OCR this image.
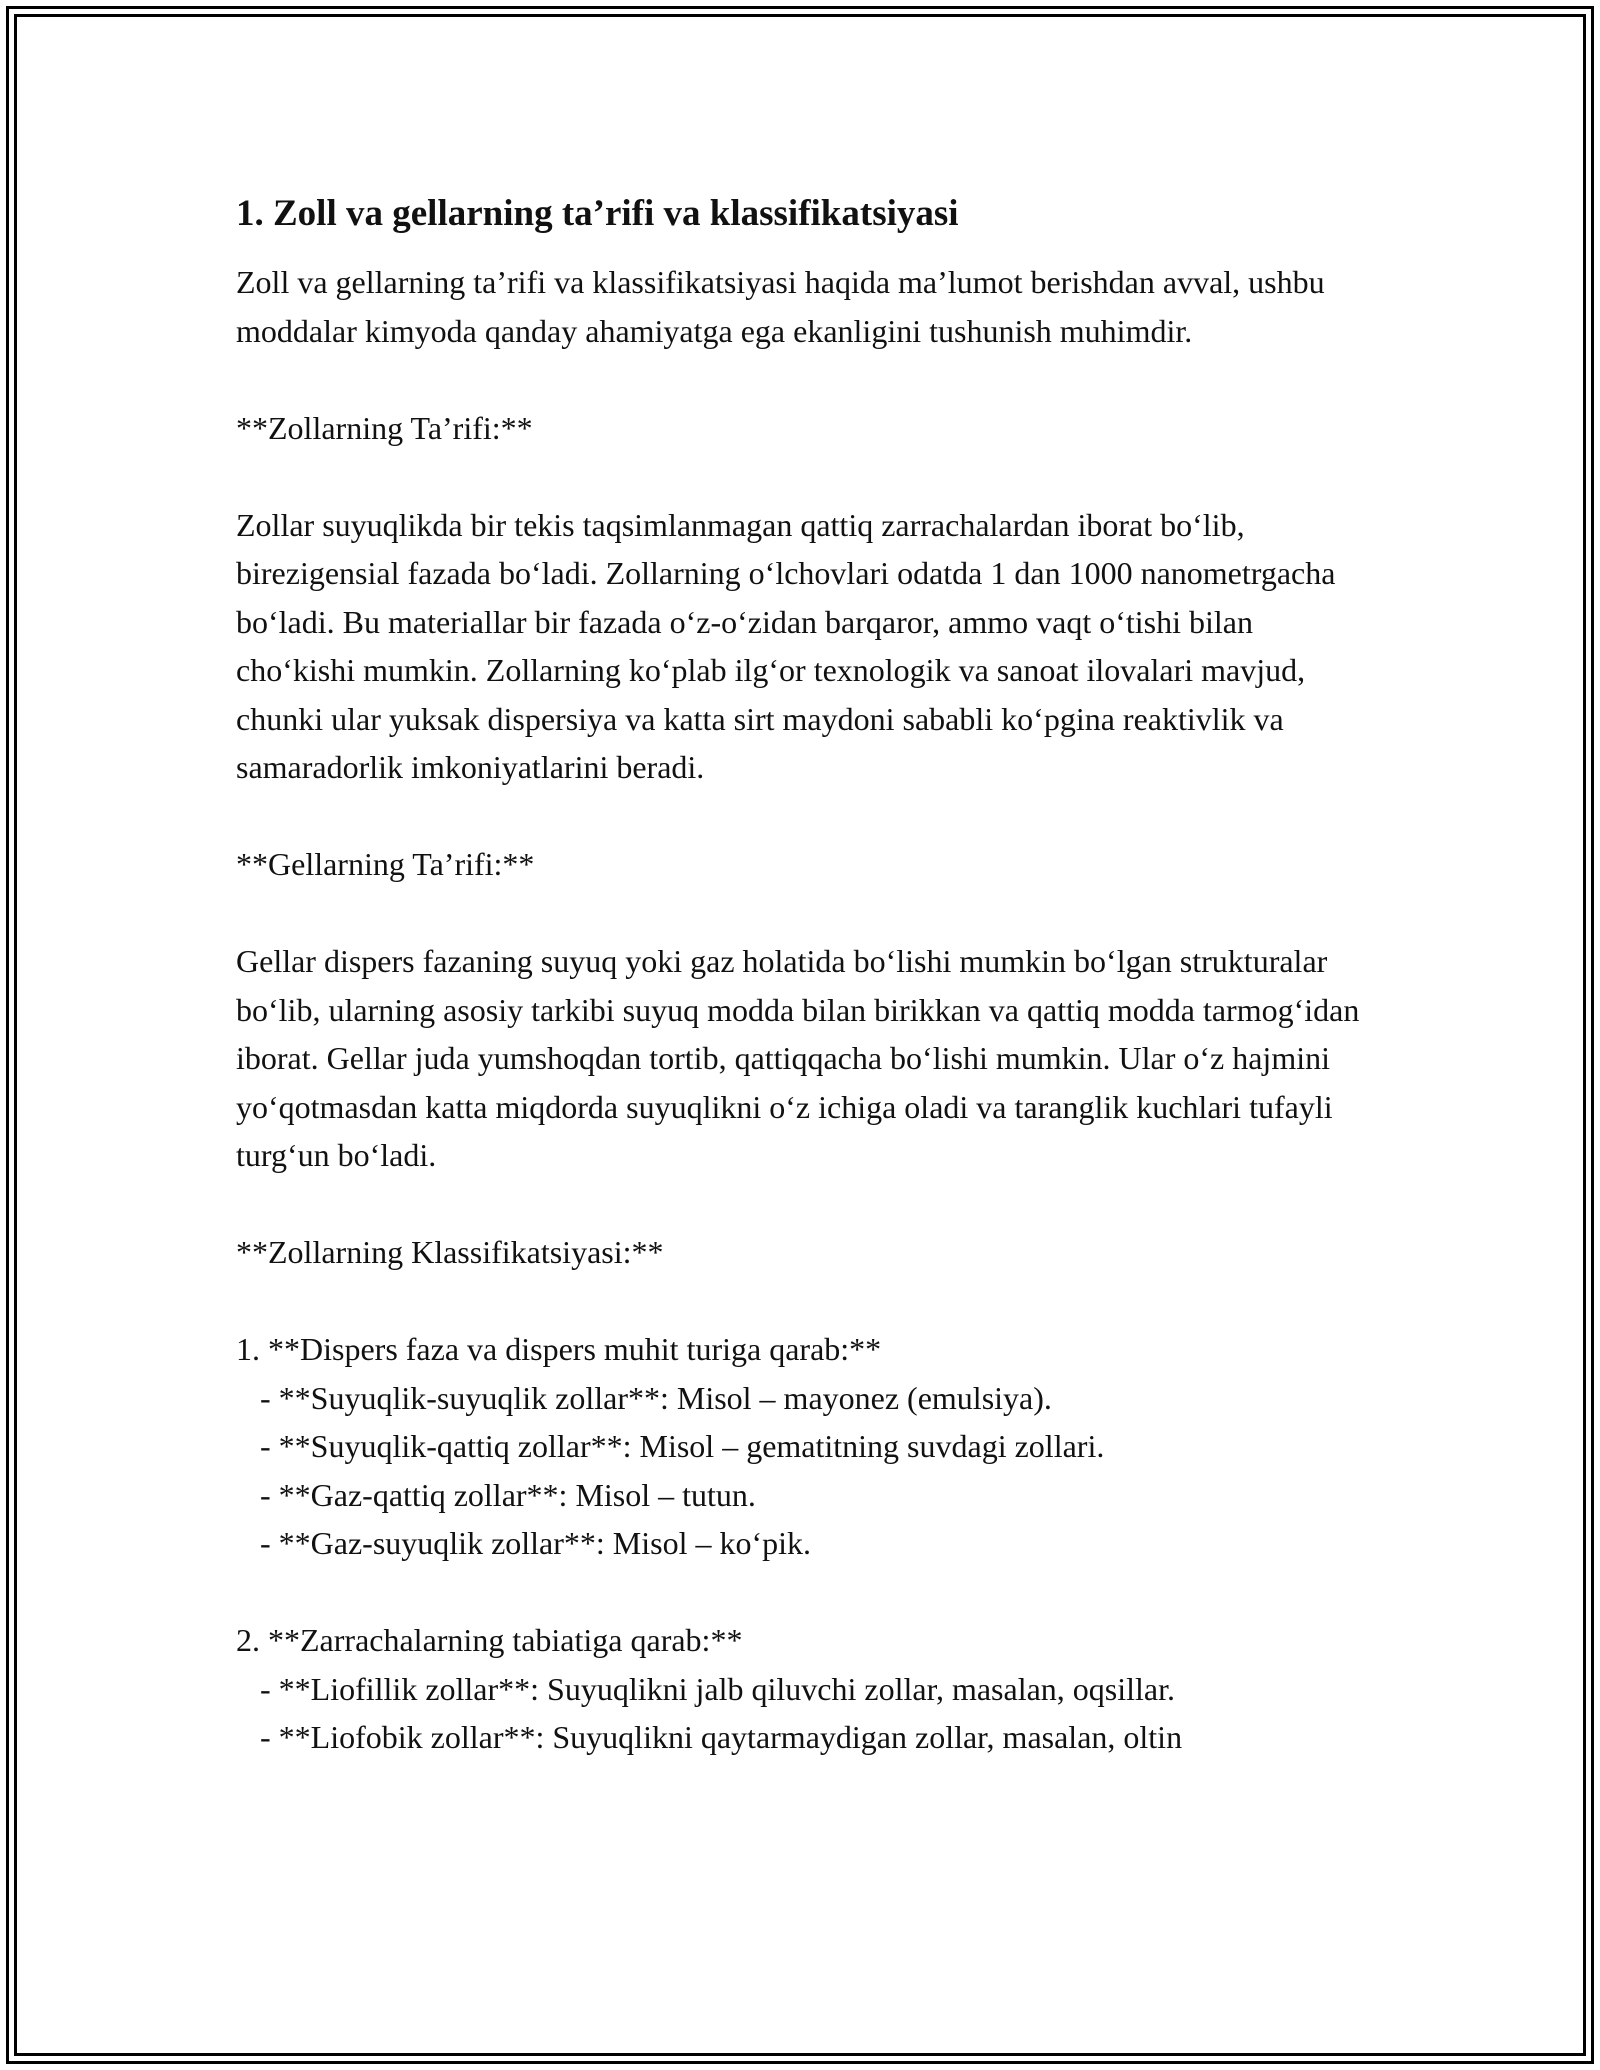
1. Zoll va gellarning ta’rifi va klassifikatsiyasi

Zoll va gellarning ta’rifi va klassifikatsiyasi haqida ma’lumot berishdan avval, ushbu moddalar kimyoda qanday ahamiyatga ega ekanligini tushunish muhimdir.

**Zollarning Ta’rifi:**

Zollar suyuqlikda bir tekis taqsimlanmagan qattiq zarrachalardan iborat bo‘lib, birezigensial fazada bo‘ladi. Zollarning o‘lchovlari odatda 1 dan 1000 nanometrgacha bo‘ladi. Bu materiallar bir fazada o‘z-o‘zidan barqaror, ammo vaqt o‘tishi bilan cho‘kishi mumkin. Zollarning ko‘plab ilg‘or texnologik va sanoat ilovalari mavjud, chunki ular yuksak dispersiya va katta sirt maydoni sababli ko‘pgina reaktivlik va samaradorlik imkoniyatlarini beradi.

**Gellarning Ta’rifi:**

Gellar dispers fazaning suyuq yoki gaz holatida bo‘lishi mumkin bo‘lgan strukturalar bo‘lib, ularning asosiy tarkibi suyuq modda bilan birikkan va qattiq modda tarmog‘idan iborat. Gellar juda yumshoqdan tortib, qattiqqacha bo‘lishi mumkin. Ular o‘z hajmini yo‘qotmasdan katta miqdorda suyuqlikni o‘z ichiga oladi va taranglik kuchlari tufayli turg‘un bo‘ladi.

**Zollarning Klassifikatsiyasi:**

1. **Dispers faza va dispers muhit turiga qarab:**

- **Suyuqlik-suyuqlik zollar**: Misol – mayonez (emulsiya).

- **Suyuqlik-qattiq zollar**: Misol – gematitning suvdagi zollari.

- **Gaz-qattiq zollar**: Misol – tutun.

- **Gaz-suyuqlik zollar**: Misol – ko‘pik.

2. **Zarrachalarning tabiatiga qarab:**

- **Liofillik zollar**: Suyuqlikni jalb qiluvchi zollar, masalan, oqsillar.

- **Liofobik zollar**: Suyuqlikni qaytarmaydigan zollar, masalan, oltin
